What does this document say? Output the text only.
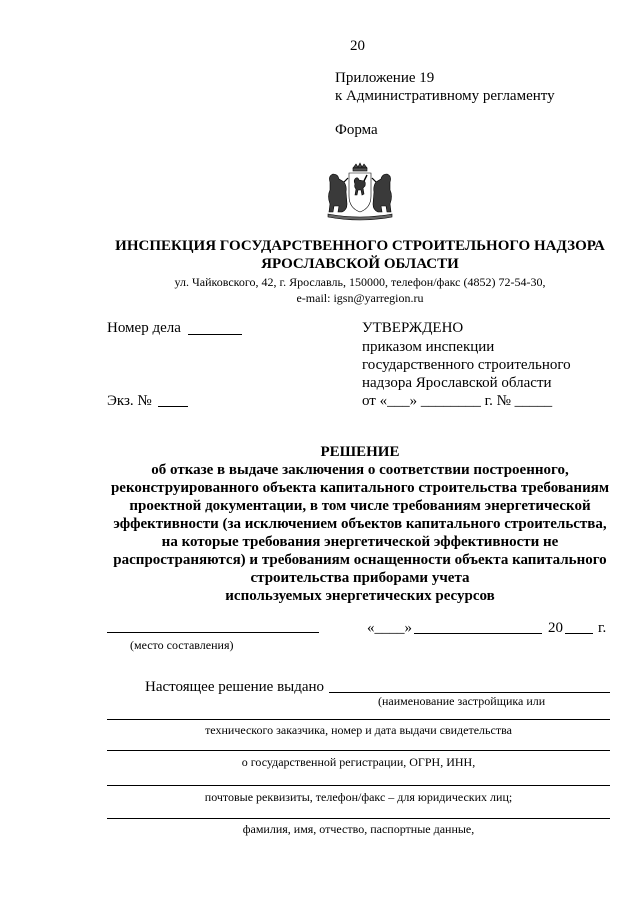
20
Приложение 19
к Административному регламенту
Форма
ИНСПЕКЦИЯ ГОСУДАРСТВЕННОГО СТРОИТЕЛЬНОГО НАДЗОРА
ЯРОСЛАВСКОЙ ОБЛАСТИ
ул. Чайковского, 42, г. Ярославль, 150000, телефон/факс (4852) 72-54-30,
e-mail: igsn@yarregion.ru
Номер дела	УТВЕРЖДЕНО
приказом инспекции
государственного строительного
надзора Ярославской области
от «___» ________ г. № _____
Экз. №
РЕШЕНИЕ
об отказе в выдаче заключения о соответствии построенного,
реконструированного объекта капитального строительства требованиям
проектной документации, в том числе требованиям энергетической
эффективности (за исключением объектов капитального строительства,
на которые требования энергетической эффективности не
распространяются) и требованиям оснащенности объекта капитального
строительства приборами учета
используемых энергетических ресурсов
(место составления)
«____»	20 г.
Настоящее решение выдано
(наименование застройщика или
технического заказчика, номер и дата выдачи свидетельства
о государственной регистрации, ОГРН, ИНН,
почтовые реквизиты, телефон/факс – для юридических лиц;
фамилия, имя, отчество, паспортные данные,
